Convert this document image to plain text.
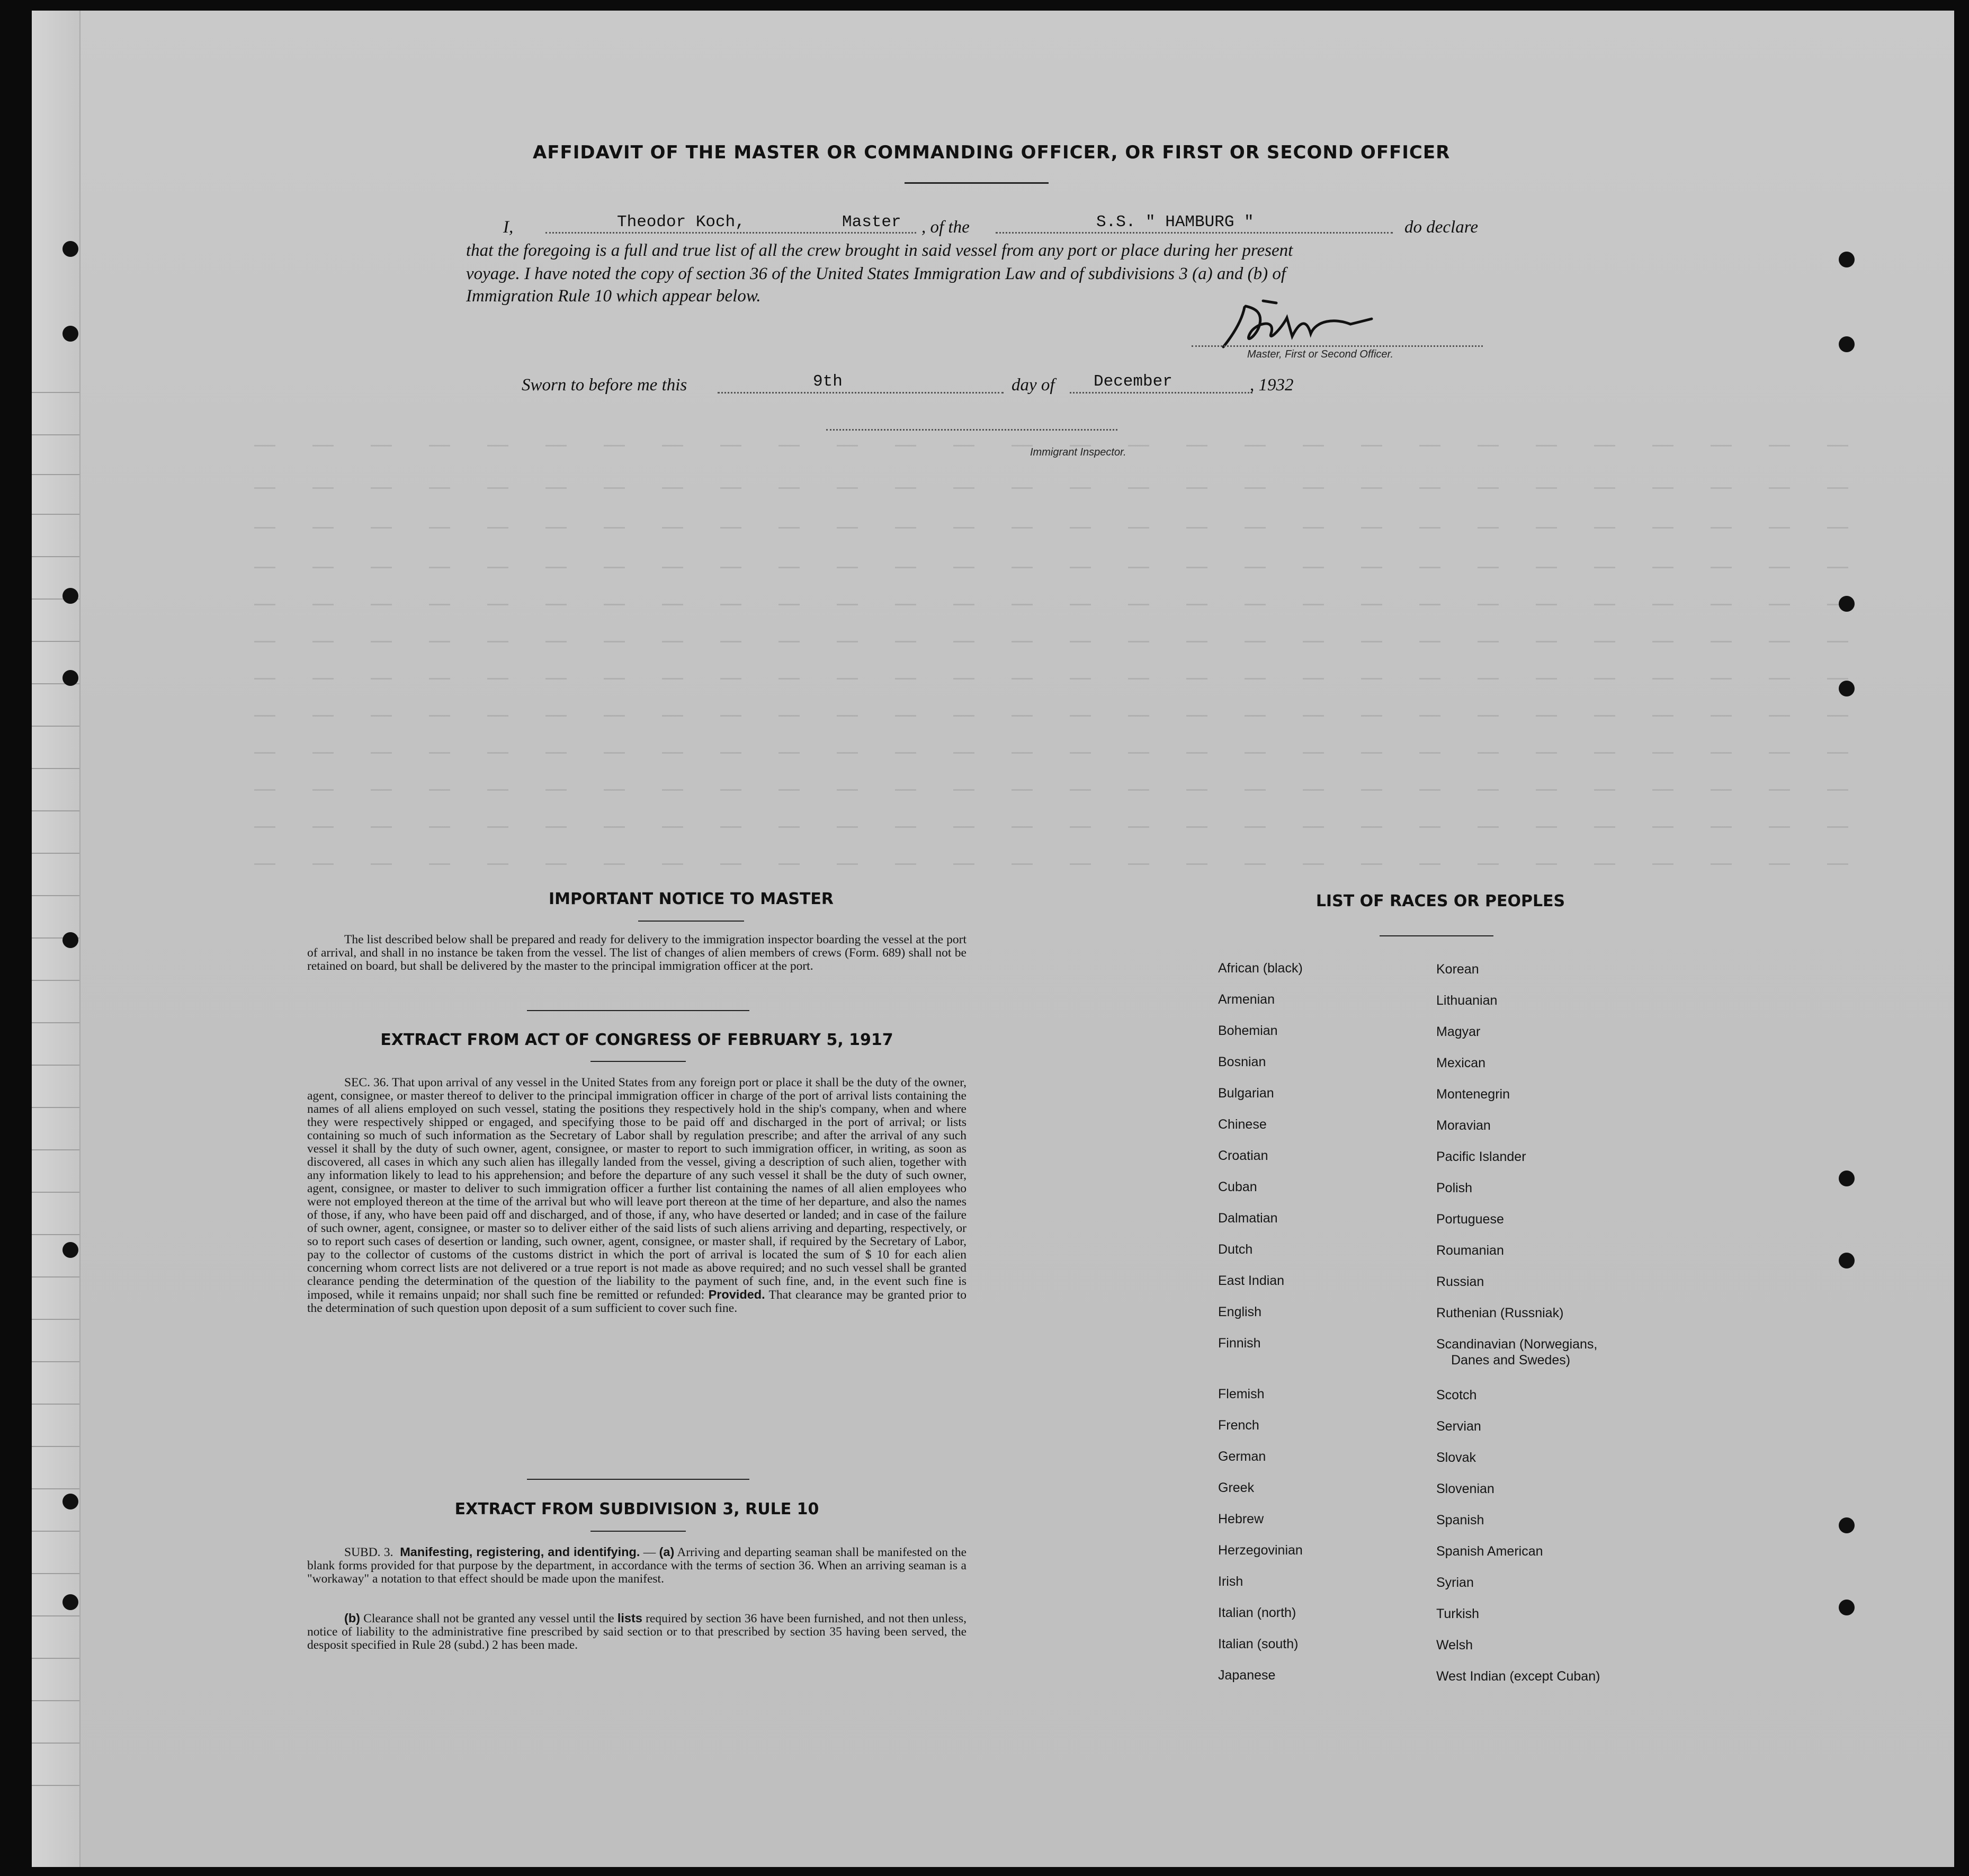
AFFIDAVIT OF THE MASTER OR COMMANDING OFFICER, OR FIRST OR SECOND OFFICER
I,	Theodor Koch,	Master , of the	S.S. " HAMBURG "	do declare
that the foregoing is a full and true list of all the crew brought in said vessel from any port or place during her present
voyage. I have noted the copy of section 36 of the United States Immigration Law and of subdivisions 3 (a) and (b) of
Immigration Rule 10 which appear below.
Master, First or Second Officer.
Sworn to before me this	9th	day of December	, 1932
Immigrant Inspector.
IMPORTANT NOTICE TO MASTER
The list described below shall be prepared and ready for delivery to the immigration inspector boarding the vessel at the port of arrival, and shall in no instance be taken from the vessel. The list of changes of alien members of crews (Form. 689) shall not be retained on board, but shall be delivered by the master to the principal immigration officer at the port.
EXTRACT FROM ACT OF CONGRESS OF FEBRUARY 5, 1917
SEC. 36. That upon arrival of any vessel in the United States from any foreign port or place it shall be the duty of the owner, agent, consignee, or master thereof to deliver to the principal immigration officer in charge of the port of arrival lists containing the names of all aliens employed on such vessel, stating the positions they respectively hold in the ship's company, when and where they were respectively shipped or engaged, and specifying those to be paid off and discharged in the port of arrival; or lists containing so much of such information as the Secretary of Labor shall by regulation prescribe; and after the arrival of any such vessel it shall by the duty of such owner, agent, consignee, or master to report to such immigration officer, in writing, as soon as discovered, all cases in which any such alien has illegally landed from the vessel, giving a description of such alien, together with any information likely to lead to his apprehension; and before the departure of any such vessel it shall be the duty of such owner, agent, consignee, or master to deliver to such immigration officer a further list containing the names of all alien employees who were not employed thereon at the time of the arrival but who will leave port thereon at the time of her departure, and also the names of those, if any, who have been paid off and discharged, and of those, if any, who have deserted or landed; and in case of the failure of such owner, agent, consignee, or master so to deliver either of the said lists of such aliens arriving and departing, respectively, or so to report such cases of desertion or landing, such owner, agent, consignee, or master shall, if required by the Secretary of Labor, pay to the collector of customs of the customs district in which the port of arrival is located the sum of $ 10 for each alien concerning whom correct lists are not delivered or a true report is not made as above required; and no such vessel shall be granted clearance pending the determination of the question of the liability to the payment of such fine, and, in the event such fine is imposed, while it remains unpaid; nor shall such fine be remitted or refunded: Provided. That clearance may be granted prior to the determination of such question upon deposit of a sum sufficient to cover such fine.
EXTRACT FROM SUBDIVISION 3, RULE 10
SUBD. 3. Manifesting, registering, and identifying. — (a) Arriving and departing seaman shall be manifested on the blank forms provided for that purpose by the department, in accordance with the terms of section 36. When an arriving seaman is a "workaway" a notation to that effect should be made upon the manifest.
(b) Clearance shall not be granted any vessel until the lists required by section 36 have been furnished, and not then unless, notice of liability to the administrative fine prescribed by said section or to that prescribed by section 35 having been served, the desposit specified in Rule 28 (subd.) 2 has been made.
LIST OF RACES OR PEOPLES
African (black)
Armenian
Bohemian
Bosnian
Bulgarian
Chinese
Croatian
Cuban
Dalmatian
Dutch
East Indian
English
Finnish
Flemish
French
German
Greek
Hebrew
Herzegovinian
Irish
Italian (north)
Italian (south)
Japanese
Korean
Lithuanian
Magyar
Mexican
Montenegrin
Moravian
Pacific Islander
Polish
Portuguese
Roumanian
Russian
Ruthenian (Russniak)
Scandinavian (Norwegians,
Danes and Swedes)
Scotch
Servian
Slovak
Slovenian
Spanish
Spanish American
Syrian
Turkish
Welsh
West Indian (except Cuban)
